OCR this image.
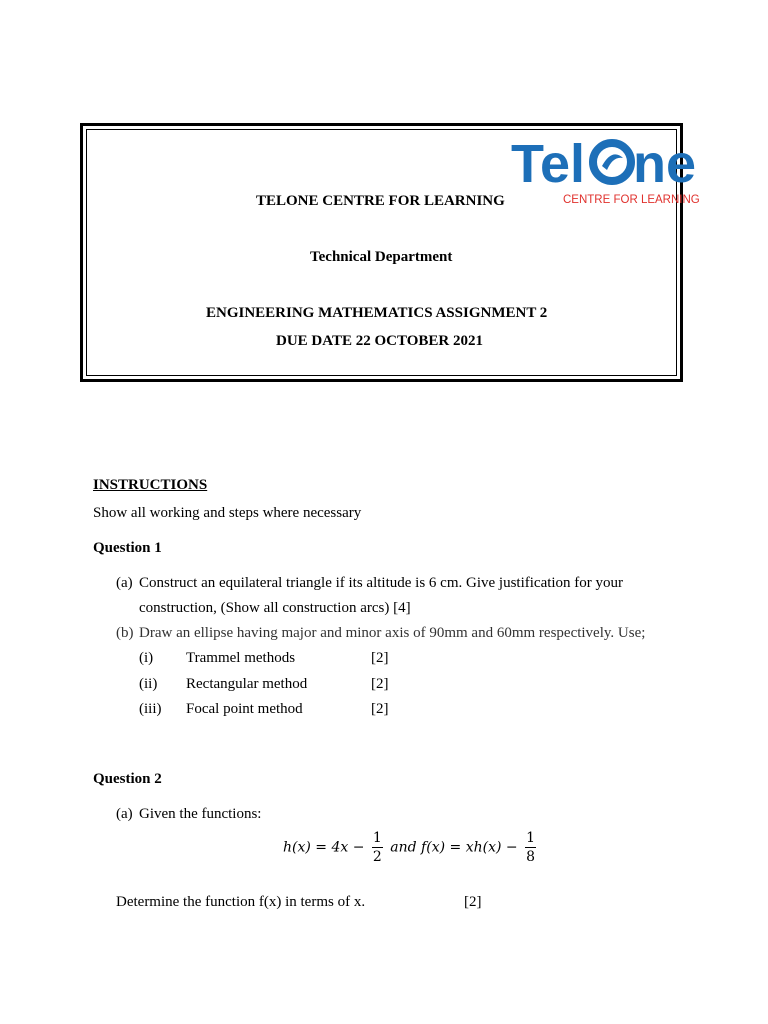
Tel ne
CENTRE FOR LEARNING
TELONE CENTRE FOR LEARNING
Technical Department
ENGINEERING MATHEMATICS ASSIGNMENT 2
DUE DATE 22 OCTOBER 2021
INSTRUCTIONS
Show all working and steps where necessary
Question 1
(a) Construct an equilateral triangle if its altitude is 6 cm. Give justification for your
construction, (Show all construction arcs) [4]
(b) Draw an ellipse having major and minor axis of 90mm and 60mm respectively. Use;
(i) Trammel methods	[2]
(ii) Rectangular method	[2]
(iii) Focal point method	[2]
Question 2
(a) Given the functions:
$h(x) = 4x - \frac{1}{2}$ and $f(x) = xh(x) - \frac{1}{8}$
Determine the function f(x) in terms of x.	[2]
